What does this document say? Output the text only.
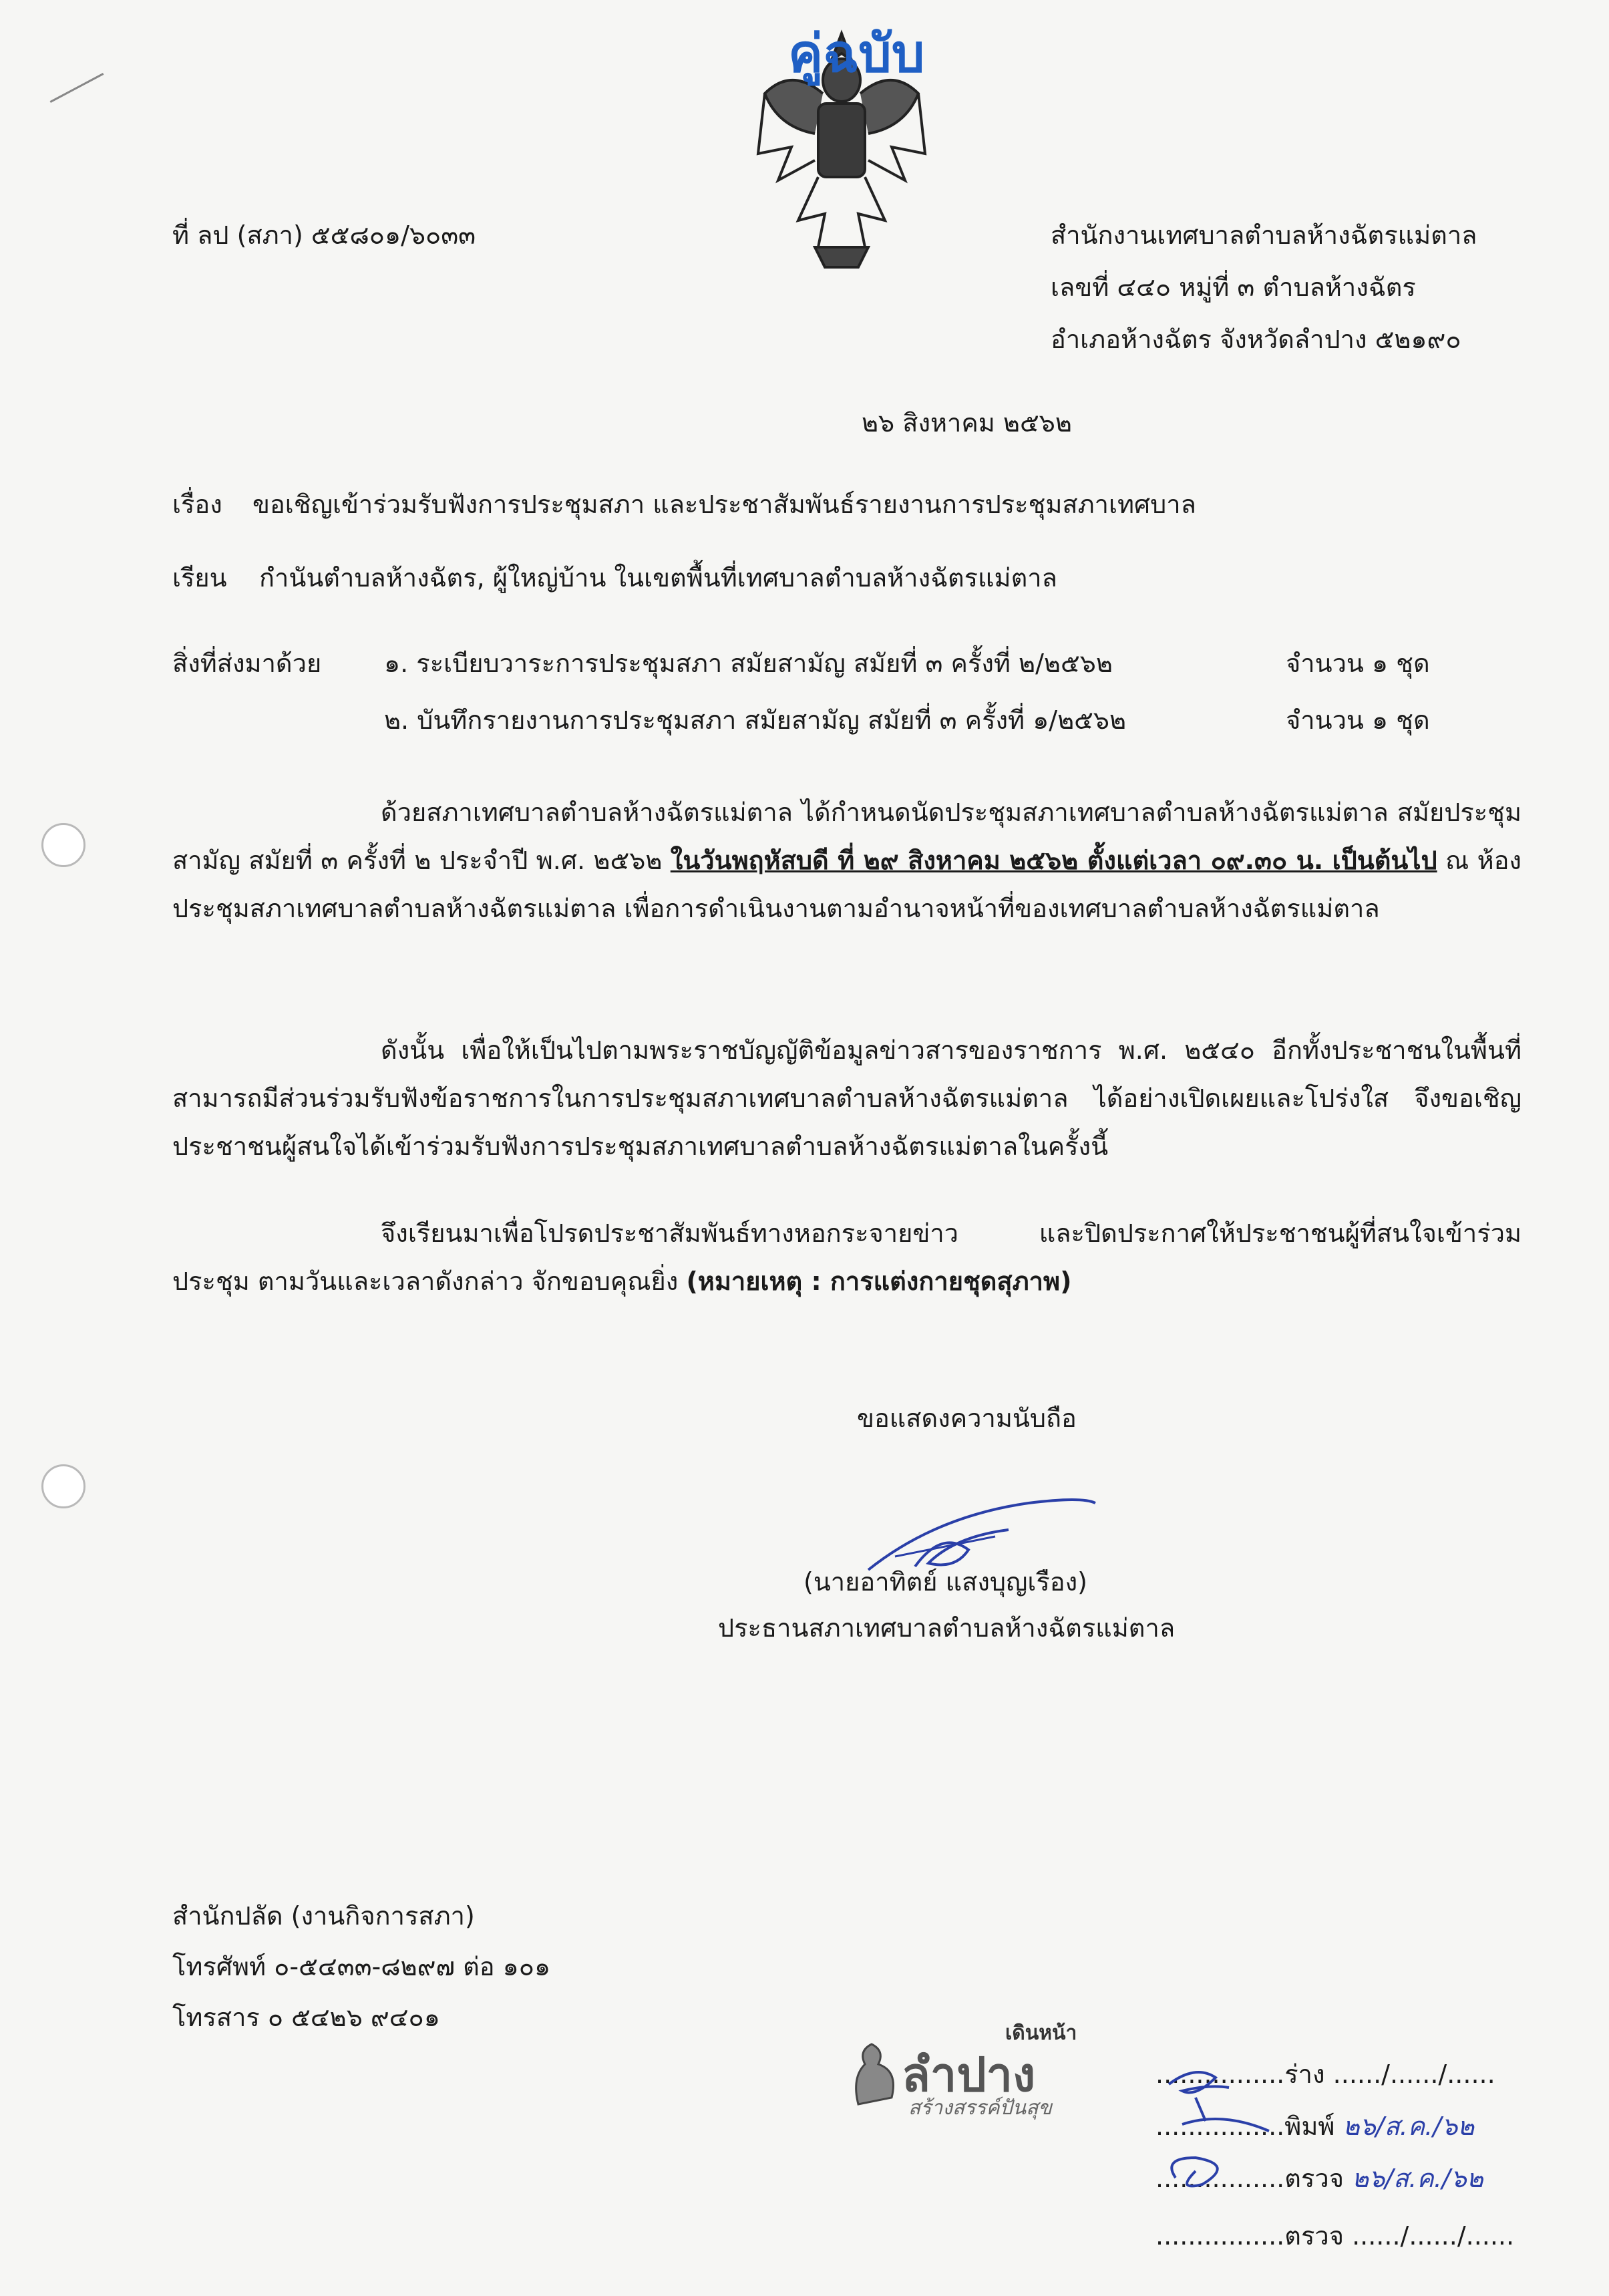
คู่ฉบับ
ที่ ลป (สภา) ๕๕๘๐๑/๖๐๓๓	สำนักงานเทศบาลตำบลห้างฉัตรแม่ตาล
เลขที่ ๔๔๐ หมู่ที่ ๓ ตำบลห้างฉัตร
อำเภอห้างฉัตร จังหวัดลำปาง ๕๒๑๙๐
๒๖ สิงหาคม ๒๕๖๒
เรื่อง ขอเชิญเข้าร่วมรับฟังการประชุมสภา และประชาสัมพันธ์รายงานการประชุมสภาเทศบาล
เรียน กำนันตำบลห้างฉัตร, ผู้ใหญ่บ้าน ในเขตพื้นที่เทศบาลตำบลห้างฉัตรแม่ตาล
สิ่งที่ส่งมาด้วย ๑. ระเบียบวาระการประชุมสภา สมัยสามัญ สมัยที่ ๓ ครั้งที่ ๒/๒๕๖๒	จำนวน ๑ ชุด
๒. บันทึกรายงานการประชุมสภา สมัยสามัญ สมัยที่ ๓ ครั้งที่ ๑/๒๕๖๒	จำนวน ๑ ชุด
ด้วยสภาเทศบาลตำบลห้างฉัตรแม่ตาล ได้กำหนดนัดประชุมสภาเทศบาลตำบลห้างฉัตรแม่ตาล สมัยประชุมสามัญ สมัยที่ ๓ ครั้งที่ ๒ ประจำปี พ.ศ. ๒๕๖๒ ในวันพฤหัสบดี ที่ ๒๙ สิงหาคม ๒๕๖๒ ตั้งแต่เวลา ๐๙.๓๐ น. เป็นต้นไป ณ ห้องประชุมสภาเทศบาลตำบลห้างฉัตรแม่ตาล เพื่อการดำเนินงานตามอำนาจหน้าที่ของเทศบาลตำบลห้างฉัตรแม่ตาล
ดังนั้น เพื่อให้เป็นไปตามพระราชบัญญัติข้อมูลข่าวสารของราชการ พ.ศ. ๒๕๔๐ อีกทั้งประชาชนในพื้นที่สามารถมีส่วนร่วมรับฟังข้อราชการในการประชุมสภาเทศบาลตำบลห้างฉัตรแม่ตาล ได้อย่างเปิดเผยและโปร่งใส จึงขอเชิญประชาชนผู้สนใจได้เข้าร่วมรับฟังการประชุมสภาเทศบาลตำบลห้างฉัตรแม่ตาลในครั้งนี้
จึงเรียนมาเพื่อโปรดประชาสัมพันธ์ทางหอกระจายข่าว และปิดประกาศให้ประชาชนผู้ที่สนใจเข้าร่วมประชุม ตามวันและเวลาดังกล่าว จักขอบคุณยิ่ง (หมายเหตุ : การแต่งกายชุดสุภาพ)
ขอแสดงความนับถือ
(นายอาทิตย์ แสงบุญเรือง)
ประธานสภาเทศบาลตำบลห้างฉัตรแม่ตาล
สำนักปลัด (งานกิจการสภา)
โทรศัพท์ ๐-๕๔๓๓-๘๒๙๗ ต่อ ๑๐๑
โทรสาร ๐ ๕๔๒๖ ๙๔๐๑
เดินหน้า
ลำปาง
สร้างสรรค์ปันสุข
................ร่าง ....../....../......
................พิมพ์ ๒๖/ส.ค./๖๒
................ตรวจ ๒๖/ส.ค./๖๒
................ตรวจ ....../....../......
